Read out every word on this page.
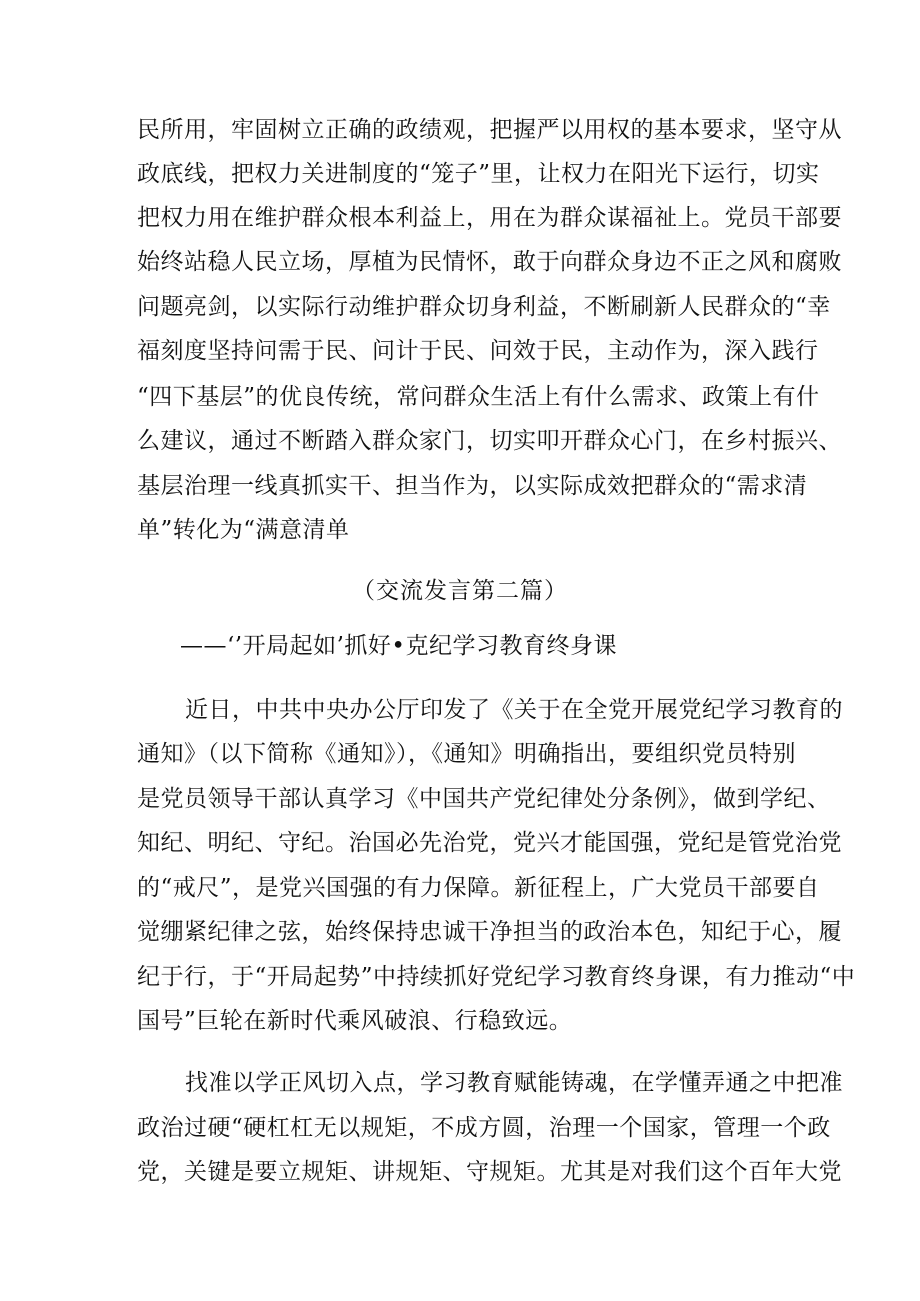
民所用，牢固树立正确的政绩观，把握严以用权的基本要求，坚守从
政底线，把权力关进制度的“笼子”里，让权力在阳光下运行，切实
把权力用在维护群众根本利益上，用在为群众谋福祉上。党员干部要
始终站稳人民立场，厚植为民情怀，敢于向群众身边不正之风和腐败
问题亮剑，以实际行动维护群众切身利益，不断刷新人民群众的“幸
福刻度坚持问需于民、问计于民、问效于民，主动作为，深入践行
“四下基层”的优良传统，常问群众生活上有什么需求、政策上有什
么建议，通过不断踏入群众家门，切实叩开群众心门，在乡村振兴、
基层治理一线真抓实干、担当作为，以实际成效把群众的“需求清
单”转化为“满意清单
（交流发言第二篇）
——‘’开局起如’抓好•克纪学习教育终身课
近日，中共中央办公厅印发了《关于在全党开展党纪学习教育的
通知》（以下简称《通知》），《通知》明确指出，要组织党员特别
是党员领导干部认真学习《中国共产党纪律处分条例》，做到学纪、
知纪、明纪、守纪。治国必先治党，党兴才能国强，党纪是管党治党
的“戒尺”，是党兴国强的有力保障。新征程上，广大党员干部要自
觉绷紧纪律之弦，始终保持忠诚干净担当的政治本色，知纪于心，履
纪于行，于“开局起势”中持续抓好党纪学习教育终身课，有力推动“中
国号”巨轮在新时代乘风破浪、行稳致远。
找准以学正风切入点，学习教育赋能铸魂，在学懂弄通之中把准
政治过硬“硬杠杠无以规矩，不成方圆，治理一个国家，管理一个政
党，关键是要立规矩、讲规矩、守规矩。尤其是对我们这个百年大党
